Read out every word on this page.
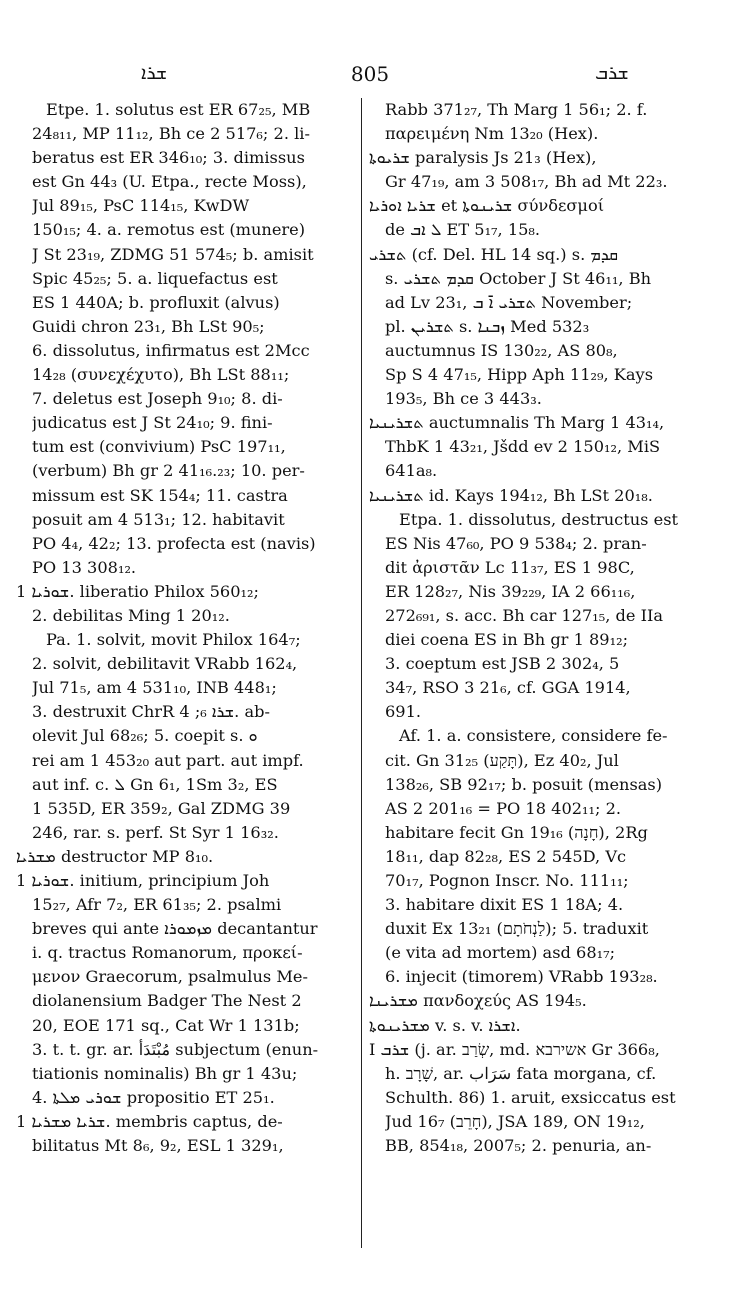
ܫܪܐ	805	ܫܪܒ
Etpe. 1. solutus est ER 67₂₅, MB
24₈₁₁, MP 11₁₂, Bh ce 2 517₆; 2. li-
beratus est ER 346₁₀; 3. dimissus
est Gn 44₃ (U. Etpa., recte Moss),
Jul 89₁₅, PsC 114₁₅, KwDW
150₁₅; 4. a. remotus est (munere)
J St 23₁₉, ZDMG 51 574₅; b. amisit
Spic 45₂₅; 5. a. liquefactus est
ES 1 440A; b. profluxit (alvus)
Guidi chron 23₁, Bh LSt 90₅;
6. dissolutus, infirmatus est 2Mcc
14₂₈ (συνεχέχυτο), Bh LSt 88₁₁;
7. deletus est Joseph 9₁₀; 8. di-
judicatus est J St 24₁₀; 9. fini-
tum est (convivium) PsC 197₁₁,
(verbum) Bh gr 2 41₁₆.₂₃; 10. per-
missum est SK 154₄; 11. castra
posuit am 4 513₁; 12. habitavit
PO 4₄, 42₂; 13. profecta est (navis)
PO 13 308₁₂.
ܫܘܪܝܐ 1. liberatio Philox 560₁₂;
2. debilitas Ming 1 20₁₂.
Pa. 1. solvit, movit Philox 164₇;
2. solvit, debilitavit VRabb 162₄,
Jul 71₅, am 4 531₁₀, INB 448₁;
3. destruxit ChrR ܫܪܐ ₆; 4. ab-
olevit Jul 68₂₆; 5. coepit s. ܘ
rei am 1 453₂₀ aut part. aut impf.
aut inf. c. ܠ Gn 6₁, 1Sm 3₂, ES
1 535D, ER 359₂, Gal ZDMG 39
246, rar. s. perf. St Syr 1 16₃₂.
ܡܫܪܝܐ destructor MP 8₁₀.
ܫܘܪܝܐ 1. initium, principium Joh
15₂₇, Afr 7₂, ER 61₃₅; 2. psalmi
breves qui ante ܡܙܡܘܪܐ decantantur
i. q. tractus Romanorum, προκεί-
μενον Graecorum, psalmulus Me-
diolanensium Badger The Nest 2
20, EOE 171 sq., Cat Wr 1 131b;
3. t. t. gr. ar. مُبْتَدَأ subjectum (enun-
tiationis nominalis) Bh gr 1 43u;
4. ܫܘܪܝ ܡܠܬܐ propositio ET 25₁.
ܫܪܝܐ ܡܫܪܝܐ 1. membris captus, de-
bilitatus Mt 8₆, 9₂, ESL 1 329₁,
Rabb 371₂₇, Th Marg 1 56₁; 2. f.
παρειμένη Nm 13₂₀ (Hex).
ܫܪܝܘܬܐ paralysis Js 21₃ (Hex),
Gr 47₁₉, am 3 508₁₇, Bh ad Mt 22₃.
ܫܪܝܐ ܐܘܪܝܐ et ܫܪܝܢܘܬܐ σύνδεσμοί
de ܠ ܐܒ ET 5₁₇, 15₈.
ܬܫܪܝ (cf. Del. HL 14 sq.) s. ܩܕܡ
s. ܩܕܡ ܬܫܪܝ October J St 46₁₁, Bh
ad Lv 23₁, ܬܫܪܝ ܐ̄ ܒ November;
pl. ܬܫܪܝܢ s. ܙܒܢܐ Med 532₃
auctumnus IS 130₂₂, AS 80₈,
Sp S 4 47₁₅, Hipp Aph 11₂₉, Kays
193₅, Bh ce 3 443₃.
ܬܫܪܝܢܝܐ auctumnalis Th Marg 1 43₁₄,
ThbK 1 43₂₁, Jšdd ev 2 150₁₂, MiS
641a₈.
ܬܫܪܝܢܝܐ id. Kays 194₁₂, Bh LSt 20₁₈.
Etpa. 1. dissolutus, destructus est
ES Nis 47₆₀, PO 9 538₄; 2. pran-
dit ἀριστᾶν Lc 11₃₇, ES 1 98C,
ER 128₂₇, Nis 39₂₂₉, IA 2 66₁₁₆,
272₆₉₁, s. acc. Bh car 127₁₅, de IIa
diei coena ES in Bh gr 1 89₁₂;
3. coeptum est JSB 2 302₄, 5
34₇, RSO 3 21₆, cf. GGA 1914,
691.
Af. 1. a. consistere, considere fe-
cit. Gn 31₂₅ (תָּקַע), Ez 40₂, Jul
138₂₆, SB 92₁₇; b. posuit (mensas)
AS 2 201₁₆ = PO 18 402₁₁; 2.
habitare fecit Gn 19₁₆ (חָנָה), 2Rg
18₁₁, dap 82₂₈, ES 2 545D, Vc
70₁₇, Pognon Inscr. No. 111₁₁;
3. habitare dixit ES 1 18A; 4.
duxit Ex 13₂₁ (לַנְחֹתָם); 5. traduxit
(e vita ad mortem) asd 68₁₇;
6. injecit (timorem) VRabb 193₂₈.
ܡܫܪܝܢܐ πανδοχεύς AS 194₅.
ܡܫܪܝܢܘܬܐ v. s. v. ܐܫܪܐ.
I ܫܪܒ (j. ar. שְׂרַב, md. אשירבא Gr 366₈,
h. שָׁרָב, ar. سَرَاب fata morgana, cf.
Schulth. 86) 1. aruit, exsiccatus est
Jud 16₇ (חָרֵב), JSA 189, ON 19₁₂,
BB, 854₁₈, 2007₅; 2. penuria, an-
